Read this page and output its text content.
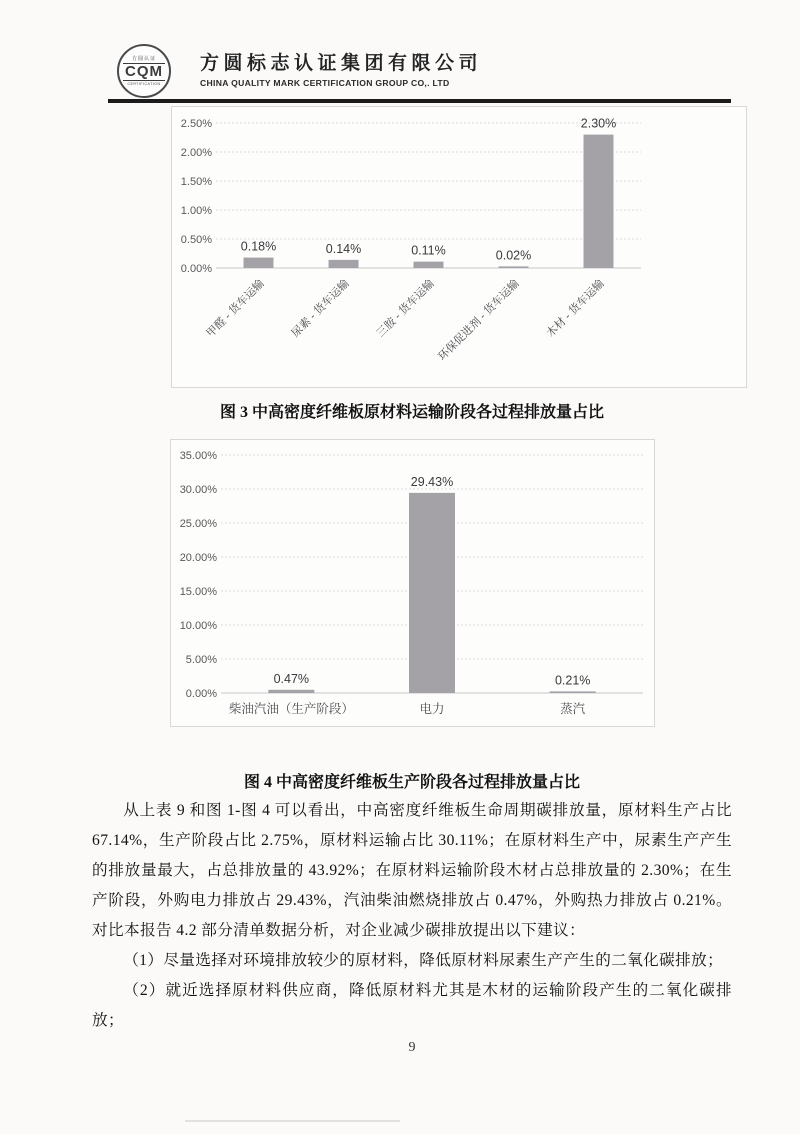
方圆认证
CQM
CERTIFICATION
方圆标志认证集团有限公司
CHINA QUALITY MARK CERTIFICATION GROUP CO,. LTD
0.00%
0.50%
1.00%
1.50%
2.00%
2.50%
0.18%
甲醛 - 货车运输
0.14%
尿素 - 货车运输
0.11%
三胺 - 货车运输
0.02%
环保促进剂 - 货车运输
2.30%
木材 - 货车运输
图 3 中高密度纤维板原材料运输阶段各过程排放量占比
0.00%
5.00%
10.00%
15.00%
20.00%
25.00%
30.00%
35.00%
0.47%
柴油汽油（生产阶段）
29.43%
电力
0.21%
蒸汽
图 4 中高密度纤维板生产阶段各过程排放量占比

从上表 9 和图 1-图 4 可以看出，中高密度纤维板生命周期碳排放量，原材料生产占比 67.14%，生产阶段占比 2.75%，原材料运输占比 30.11%；在原材料生产中，尿素生产产生的排放量最大，占总排放量的 43.92%；在原材料运输阶段木材占总排放量的 2.30%；在生产阶段，外购电力排放占 29.43%，汽油柴油燃烧排放占 0.47%，外购热力排放占 0.21%。对比本报告 4.2 部分清单数据分析，对企业减少碳排放提出以下建议：

（1）尽量选择对环境排放较少的原材料，降低原材料尿素生产产生的二氧化碳排放；

（2）就近选择原材料供应商，降低原材料尤其是木材的运输阶段产生的二氧化碳排放；

9
